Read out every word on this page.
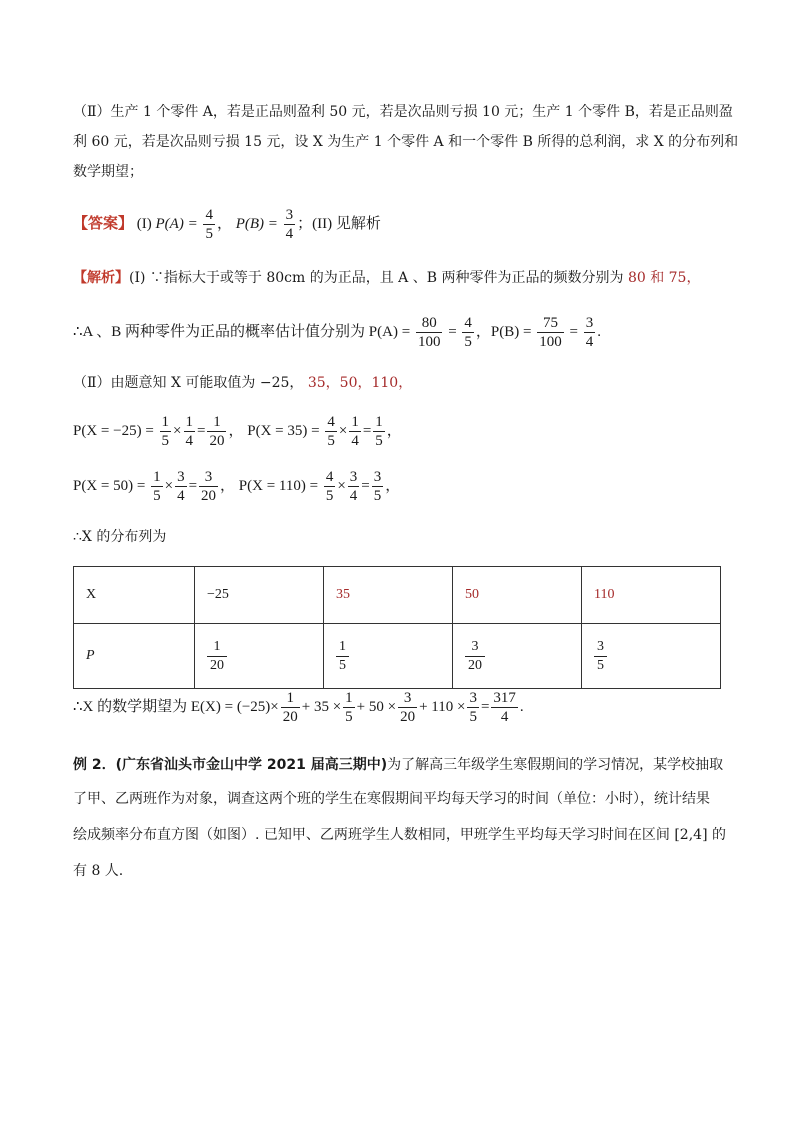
（Ⅱ）生产 1 个零件 A，若是正品则盈利 50 元，若是次品则亏损 10 元；生产 1 个零件 B，若是正品则盈
利 60 元，若是次品则亏损 15 元，设 X 为生产 1 个零件 A 和一个零件 B 所得的总利润，求 X 的分布列和
数学期望；
【答案】 (I) $P(A) = \frac{4}{5}$ ， $P(B) = \frac{3}{4}$ ；(II) 见解析
【解析】(Ⅰ) ∵指标大于或等于 80cm 的为正品，且 A 、B 两种零件为正品的频数分别为 80 和 75，
∴A 、B 两种零件为正品的概率估计值分别为 $P(A) = \frac{80}{100} = \frac{4}{5}$ ，$P(B) = \frac{75}{100} = \frac{3}{4}$ .
（Ⅱ）由题意知 X 可能取值为 −25， 35，50，110，
$P(X = -25) = \frac{1}{5} \times \frac{1}{4} = \frac{1}{20}$ ， $P(X = 35) = \frac{4}{5} \times \frac{1}{4} = \frac{1}{5}$ ，
$P(X = 50) = \frac{1}{5} \times \frac{3}{4} = \frac{3}{20}$ ， $P(X = 110) = \frac{4}{5} \times \frac{3}{4} = \frac{3}{5}$ ，
∴X 的分布列为
X	−25	35	50	110
P	$\frac{1}{20}$	$\frac{1}{5}$	$\frac{3}{20}$	$\frac{3}{5}$
∴X 的数学期望为 $E(X) = (-25)\times \frac{1}{20} + 35 \times \frac{1}{5} + 50 \times \frac{3}{20} + 110 \times \frac{3}{5} = \frac{317}{4}$ .
例 2．(广东省汕头市金山中学 2021 届高三期中)为了解高三年级学生寒假期间的学习情况，某学校抽取
了甲、乙两班作为对象，调查这两个班的学生在寒假期间平均每天学习的时间（单位：小时），统计结果
绘成频率分布直方图（如图）. 已知甲、乙两班学生人数相同，甲班学生平均每天学习时间在区间 [2,4] 的
有 8 人.
